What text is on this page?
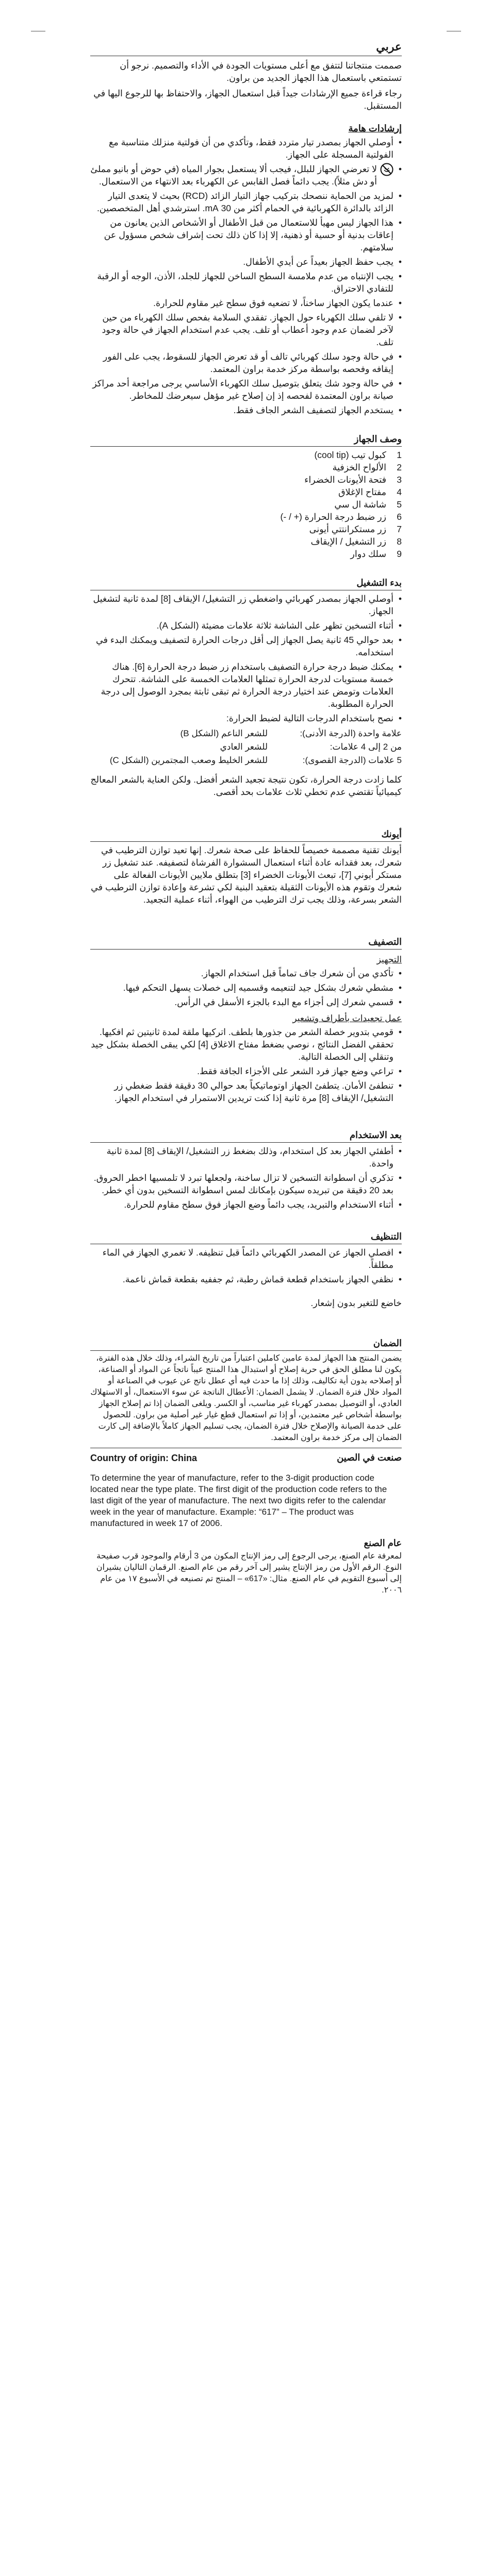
عربي

صممت منتجاتنا لتتفق مع أعلى مستويات الجودة في الأداء والتصميم. نرجو أن تستمتعي باستعمال هذا الجهاز الجديد من براون.

رجاء قراءة جميع الإرشادات جيداً قبل استعمال الجهاز، والاحتفاظ بها للرجوع اليها في المستقبل.

إرشادات هامة
• أوصلي الجهاز بمصدر تيار متردد فقط، وتأكدي من أن فولتية منزلك متناسبة مع الفولتية المسجلة على الجهاز.
• لا تعرضي الجهاز للبلل، فيجب ألا يستعمل بجوار المياه (في حوض أو بانيو مملئ أو دش مثلاً). يجب دائماً فصل القابس عن الكهرباء بعد الانتهاء من الاستعمال.
• لمزيد من الحماية ننصحك بتركيب جهاز التيار الزائد (RCD) بحيث لا يتعدى التيار الزائد بالدائرة الكهربائية في الحمام أكثر من 30 mA. استرشدي أهل المتخصصين.
• هذا الجهاز ليس مهيأ للاستعمال من قبل الأطفال أو الأشخاص الذين يعانون من إعاقات بدنية أو حسية أو ذهنية، إلا إذا كان ذلك تحت إشراف شخص مسؤول عن سلامتهم.
• يجب حفظ الجهاز بعيداً عن أيدي الأطفال.
• يجب الإنتباه من عدم ملامسة السطح الساخن للجهاز للجلد، الأذن، الوجه أو الرقبة للتفادي الاحتراق.
• عندما يكون الجهاز ساخناً، لا تضعيه فوق سطح غير مقاوم للحرارة.
• لا تلفي سلك الكهرباء حول الجهاز. تفقدي السلامة بفحص سلك الكهرباء من حين لآخر لضمان عدم وجود أعطاب أو تلف. يجب عدم استخدام الجهاز في حالة وجود تلف.
• في حالة وجود سلك كهربائي تالف أو قد تعرض الجهاز للسقوط، يجب على الفور إيقافه وفحصه بواسطة مركز خدمة براون المعتمد.
• في حالة وجود شك يتعلق بتوصيل سلك الكهرباء الأساسي يرجى مراجعة أحد مراكز صيانة براون المعتمدة لفحصه إذ إن إصلاح غير مؤهل سيعرضك للمخاطر.
• يستخدم الجهاز لتصفيف الشعر الجاف فقط.
وصف الجهاز
1
كبول تيب (cool tip)
2
الألواح الخزفية
3
فتحة الأيونات الخضراء
4
مفتاح الإغلاق
5
شاشة ال سي
6
زر ضبط درجة الحرارة (+ / -)
7
زر مستكرانتتي أيونى
8
زر التشغيل / الإيقاف
9
سلك دوار
بدء التشغيل
• أوصلي الجهاز بمصدر كهربائي واضغطي زر التشغيل/ الإيقاف [8] لمدة ثانية لتشغيل الجهاز.
• أثناء التسخين تظهر على الشاشة ثلاثة علامات مضيئة (الشكل A).
• بعد حوالي 45 ثانية يصل الجهاز إلى أقل درجات الحرارة لتصفيف ويمكنك البدء في استخدامه.
• يمكنك ضبط درجة حرارة التصفيف باستخدام زر ضبط درجة الحرارة [6]. هناك خمسة مستويات لدرجة الحرارة تمثلها العلامات الخمسة على الشاشة. تتحرك العلامات وتومض عند اختيار درجة الحرارة ثم تبقى ثابتة بمجرد الوصول إلى درجة الحرارة المطلوبة.
• نصح باستخدام الدرجات التالية لضبط الحرارة:
علامة واحدة (الدرجة الأدنى):
للشعر الناعم (الشكل B)
من 2 إلى 4 علامات:
للشعر العادي
5 علامات (الدرجة القصوى):
للشعر الخليط وصعب المجتمرين (الشكل C)

كلما زادت درجة الحرارة، تكون نتيجة تجعيد الشعر أفضل. ولكن العناية بالشعر المعالج كيميائياً تقتضي عدم تخطي ثلاث علامات بحد أقصى.

أيونك

أيونك تقنية مصممة خصيصاً للحفاظ على صحة شعرك. إنها تعيد توازن الترطيب في شعرك، بعد فقدانه عادة أثناء استعمال السشوارة الفرشاة لتصفيفه. عند تشغيل زر مستكر أيوني [7]، تبعث الأيونات الخضراء [3] بتطلق ملايين الأيونات الفعالة على شعرك وتقوم هذه الأيونات الثقيلة بتعقيد البنية لكي تشرعة وإعادة توازن الترطيب في الشعر بسرعة، وذلك يجب ترك الترطيب من الهواء، أثناء عملية التجعيد.

التصفيف
التجهيز
• تأكدي من أن شعرك جاف تماماً قبل استخدام الجهاز.
• مشطي شعرك بشكل جيد لتنعيمه وقسميه إلى خصلات يسهل التحكم فيها.
• قسمي شعرك إلى أجزاء مع البدء بالجزء الأسفل في الرأس.
عمل تجعيدات بأطراف وتشعير
• قومي بتدوير خصلة الشعر من جذورها بلطف. اتركيها ملقة لمدة ثانيتين ثم افكيها. تحققي الفضل النتائج ، نوصي بضغط مفتاح الاغلاق [4] لكي يبقى الخصلة بشكل جيد وتنقلي إلى الخصلة التالية.
• تراعي وضع جهاز فرد الشعر على الأجزاء الجافة فقط.
• تنطفئ الأمان. يتطفئ الجهاز اوتوماتيكياً بعد حوالي 30 دقيقة فقط ضغطي زر التشغيل/ الإيقاف [8] مرة ثانية إذا كنت تريدين الاستمرار في استخدام الجهاز.
بعد الاستخدام
• أطفئي الجهاز بعد كل استخدام، وذلك بضغط زر التشغيل/ الإيقاف [8] لمدة ثانية واحدة.
• تذكري أن اسطوانة التسخين لا تزال ساخنة، ولجعلها تبرد لا تلمسيها اخطر الحروق. بعد 20 دقيقة من تبريده سيكون بإمكانك لمس اسطوانة التسخين بدون أي خطر.
• أثناء الاستخدام والتبريد، يجب دائماً وضع الجهاز فوق سطح مقاوم للحرارة.
التنظيف
• افصلي الجهاز عن المصدر الكهربائي دائماً قبل تنظيفه. لا تغمري الجهاز في الماء مطلقاً.
• نظفي الجهاز باستخدام قطعة قماش رطبة، ثم جففيه بقطعة قماش ناعمة.

خاضع للتغير بدون إشعار.

الضمان

يضمن المنتج هذا الجهاز لمدة عامين كاملين اعتباراً من تاريخ الشراء، وذلك خلال هذه الفترة، يكون لنا مطلق الحق في حرية إصلاح أو استبدال هذا المنتج عيباً ناتجاً عن المواد أو الصناعة، أو إصلاحه بدون أية تكاليف، وذلك إذا ما حدث فيه أي عطل ناتج عن عيوب في الصناعة أو المواد خلال فترة الضمان. لا يشمل الضمان: الأعطال الناتجة عن سوء الاستعمال، أو الاستهلاك العادي، أو التوصيل بمصدر كهرباء غير مناسب، أو الكسر. ويلغى الضمان إذا تم إصلاح الجهاز بواسطة أشخاص غير معتمدين، أو إذا تم استعمال قطع غيار غير أصلية من براون. للحصول على خدمة الصيانة والإصلاح خلال فترة الضمان، يجب تسليم الجهاز كاملاً بالإضافة إلى كارت الضمان إلى مركز خدمة براون المعتمد.

Country of origin: China	صنعت في الصين

To determine the year of manufacture, refer to the 3-digit production code located near the type plate. The first digit of the production code refers to the last digit of the year of manufacture. The next two digits refer to the calendar week in the year of manufacture. Example: “617” – The product was manufactured in week 17 of 2006.

عام الصنع

لمعرفة عام الصنع، يرجى الرجوع إلى رمز الإنتاج المكون من 3 أرقام والموجود قرب صفيحة النوع. الرقم الأول من رمز الإنتاج يشير إلى آخر رقم من عام الصنع. الرقمان التاليان يشيران إلى أسبوع التقويم في عام الصنع. مثال: «617» – المنتج تم تصنيعه في الأسبوع ١٧ من عام ٢٠٠٦.
